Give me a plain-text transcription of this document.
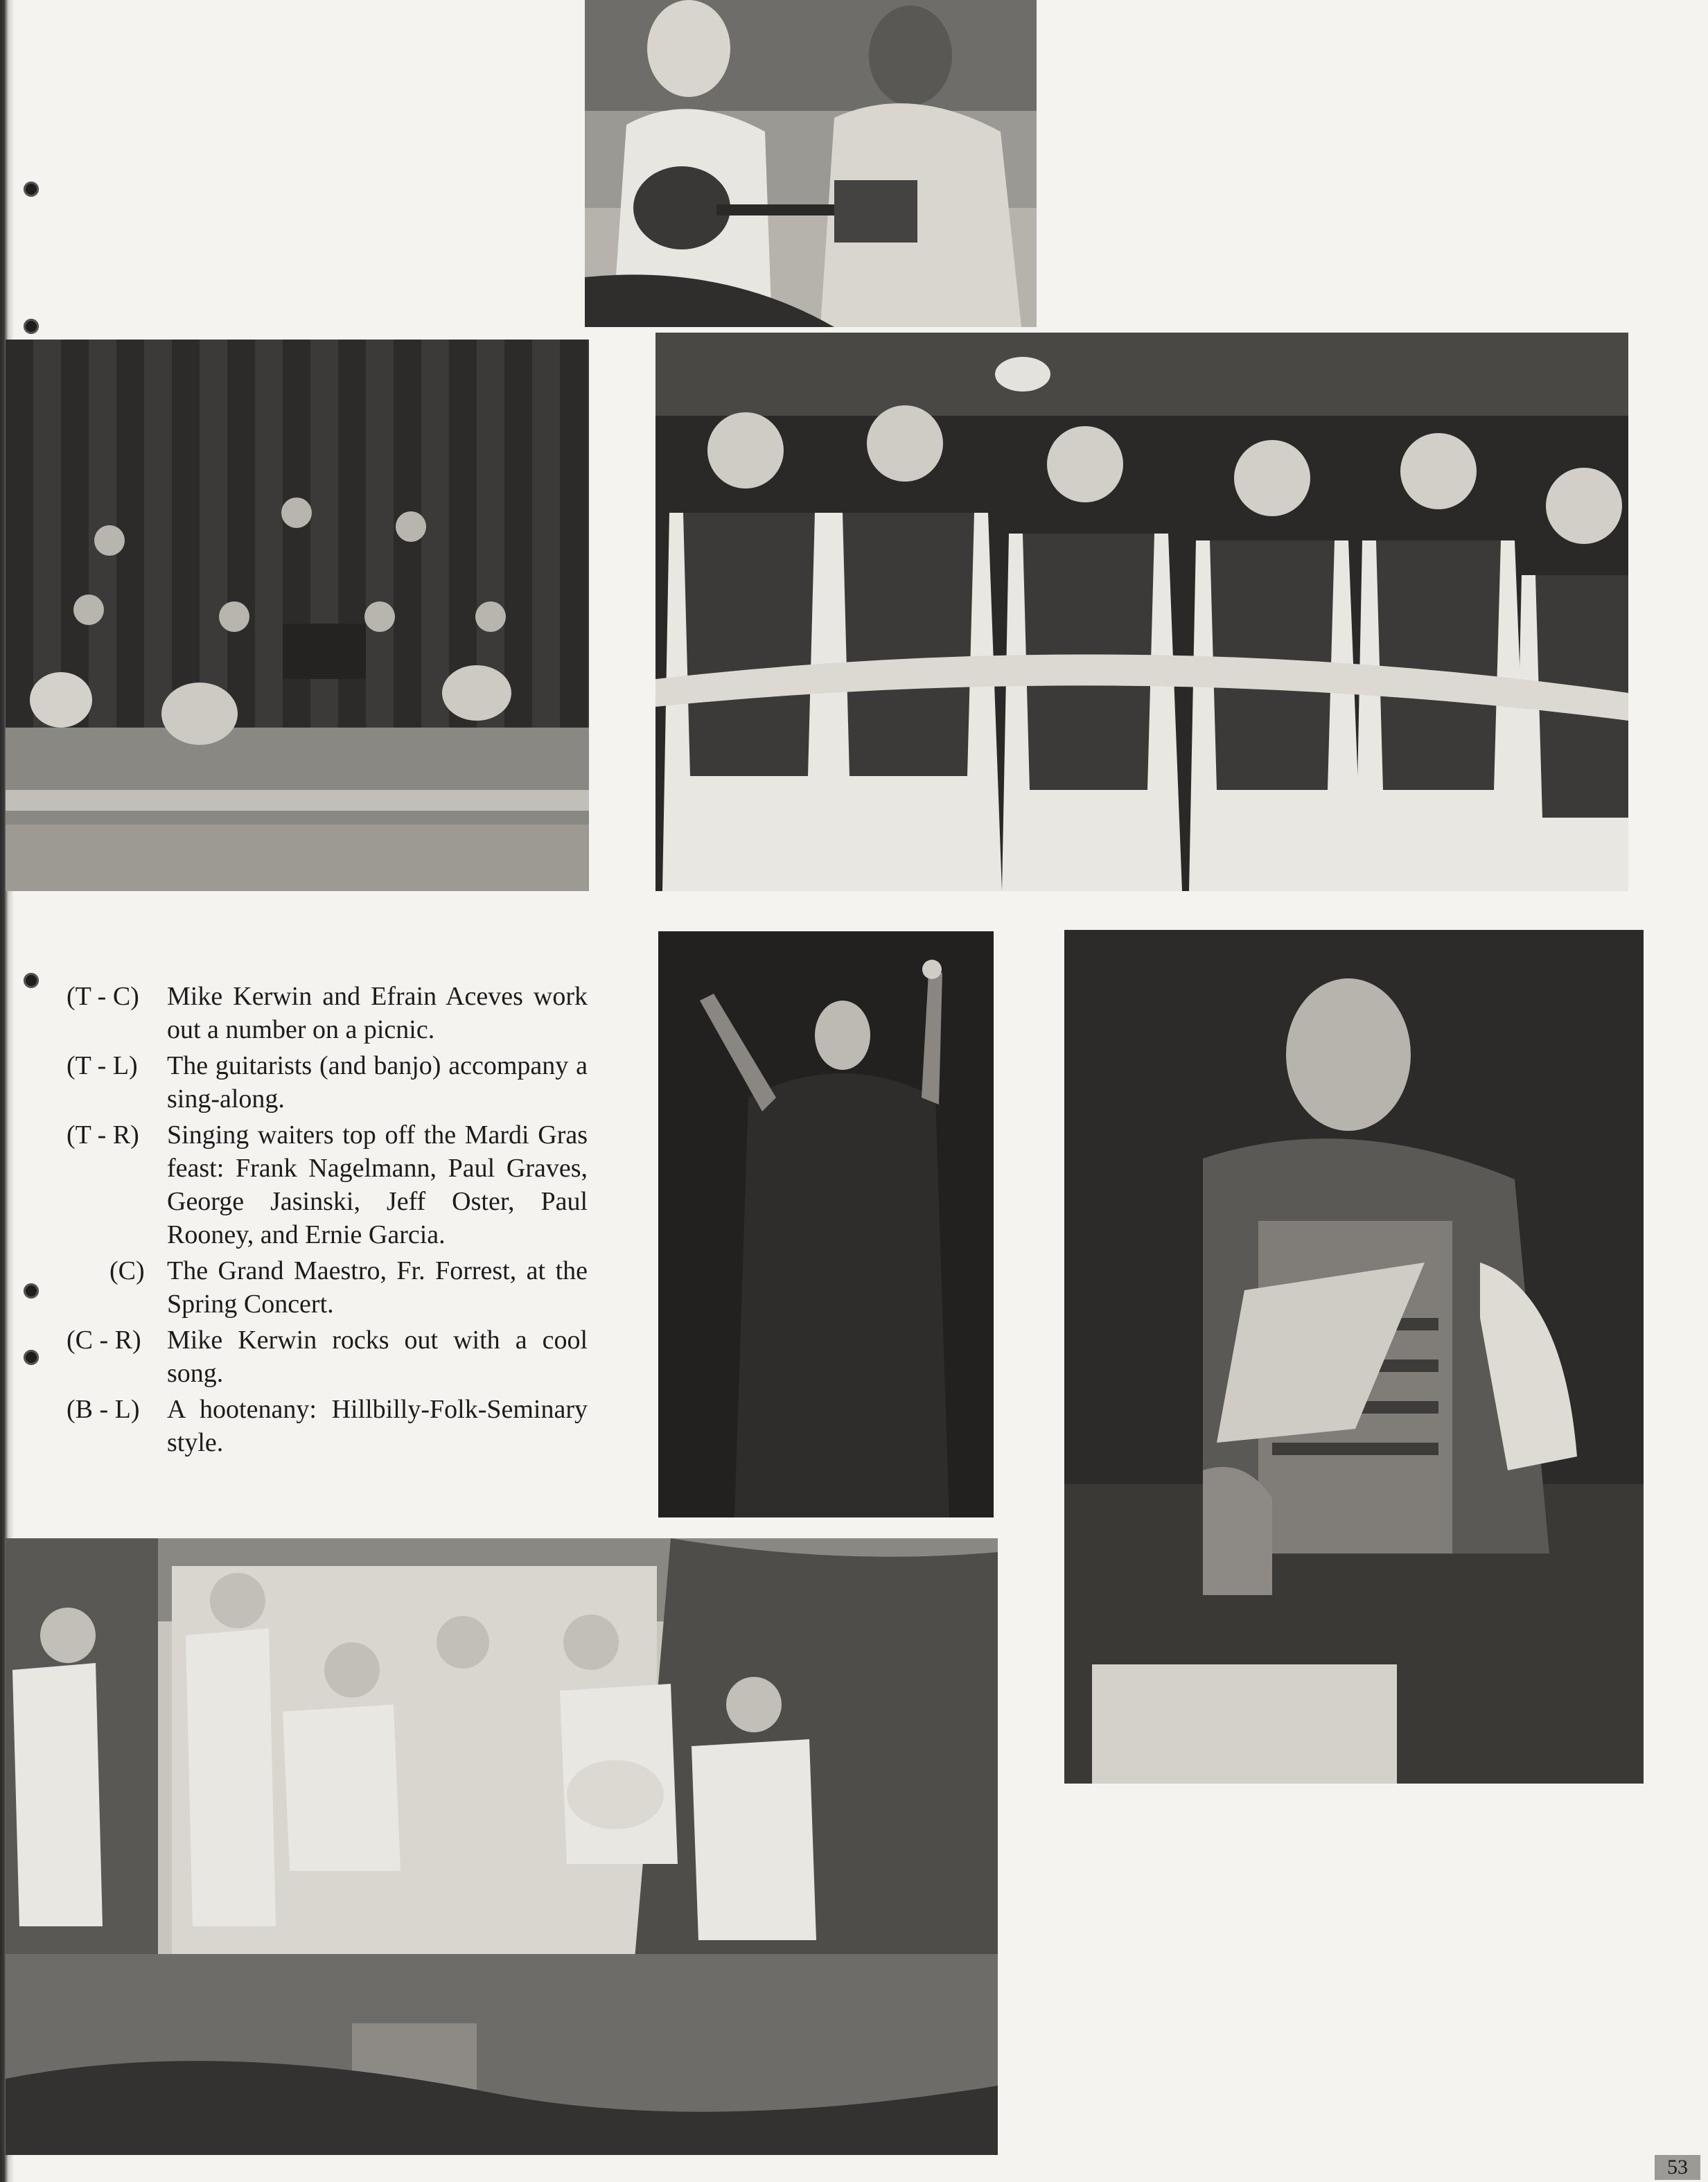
(T - C)	Mike Kerwin and Efrain Aceves work out a number on a picnic.
(T - L)	The guitarists (and banjo) accompany a sing-along.
(T - R)	Singing waiters top off the Mardi Gras feast: Frank Nagelmann, Paul Graves, George Jasinski, Jeff Oster, Paul Rooney, and Ernie Garcia.
(C) The Grand Maestro, Fr. Forrest, at the Spring Concert.
(C - R) Mike Kerwin rocks out with a cool song.
(B - L)	A hootenany: Hillbilly-Folk-Seminary style.
53
